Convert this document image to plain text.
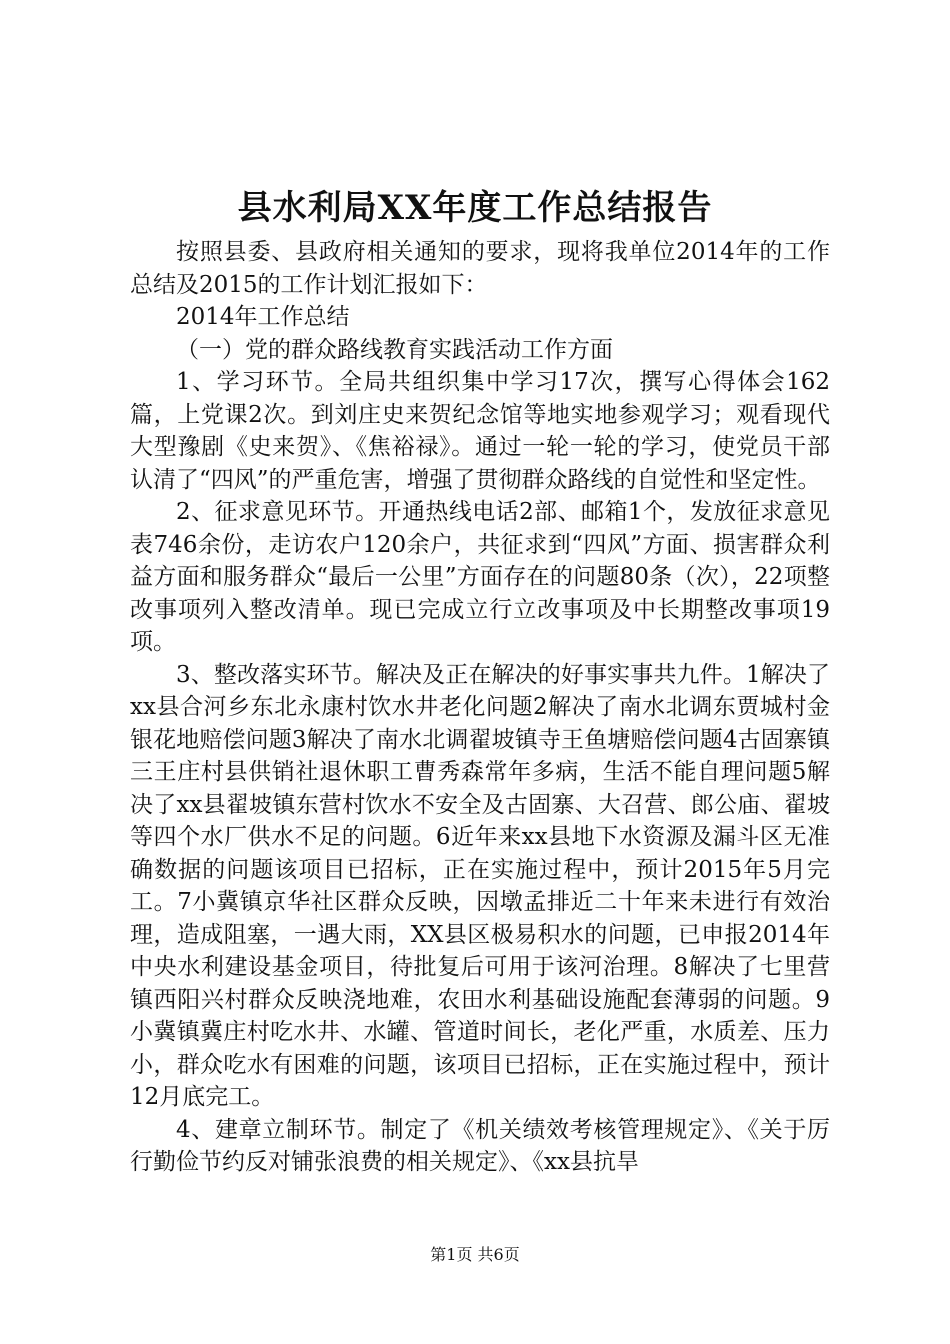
县水利局XX年度工作总结报告

按照县委、县政府相关通知的要求，现将我单位2014年的工作总结及2015的工作计划汇报如下：

2014年工作总结

（一）党的群众路线教育实践活动工作方面

1、学习环节。全局共组织集中学习17次，撰写心得体会162篇，上党课2次。到刘庄史来贺纪念馆等地实地参观学习；观看现代大型豫剧《史来贺》、《焦裕禄》。通过一轮一轮的学习，使党员干部认清了“四风”的严重危害，增强了贯彻群众路线的自觉性和坚定性。

2、征求意见环节。开通热线电话2部、邮箱1个，发放征求意见表746余份，走访农户120余户，共征求到“四风”方面、损害群众利益方面和服务群众“最后一公里”方面存在的问题80条（次），22项整改事项列入整改清单。现已完成立行立改事项及中长期整改事项19项。

3、整改落实环节。解决及正在解决的好事实事共九件。1解决了xx县合河乡东北永康村饮水井老化问题2解决了南水北调东贾城村金银花地赔偿问题3解决了南水北调翟坡镇寺王鱼塘赔偿问题4古固寨镇三王庄村县供销社退休职工曹秀森常年多病，生活不能自理问题5解决了xx县翟坡镇东营村饮水不安全及古固寨、大召营、郎公庙、翟坡等四个水厂供水不足的问题。6近年来xx县地下水资源及漏斗区无准确数据的问题该项目已招标，正在实施过程中，预计2015年5月完工。7小冀镇京华社区群众反映，因墩孟排近二十年来未进行有效治理，造成阻塞，一遇大雨，XX县区极易积水的问题，已申报2014年中央水利建设基金项目，待批复后可用于该河治理。8解决了七里营镇西阳兴村群众反映浇地难，农田水利基础设施配套薄弱的问题。9小冀镇冀庄村吃水井、水罐、管道时间长，老化严重，水质差、压力小，群众吃水有困难的问题，该项目已招标，正在实施过程中，预计12月底完工。

4、建章立制环节。制定了《机关绩效考核管理规定》、《关于厉行勤俭节约反对铺张浪费的相关规定》、《xx县抗旱

第1页 共6页
